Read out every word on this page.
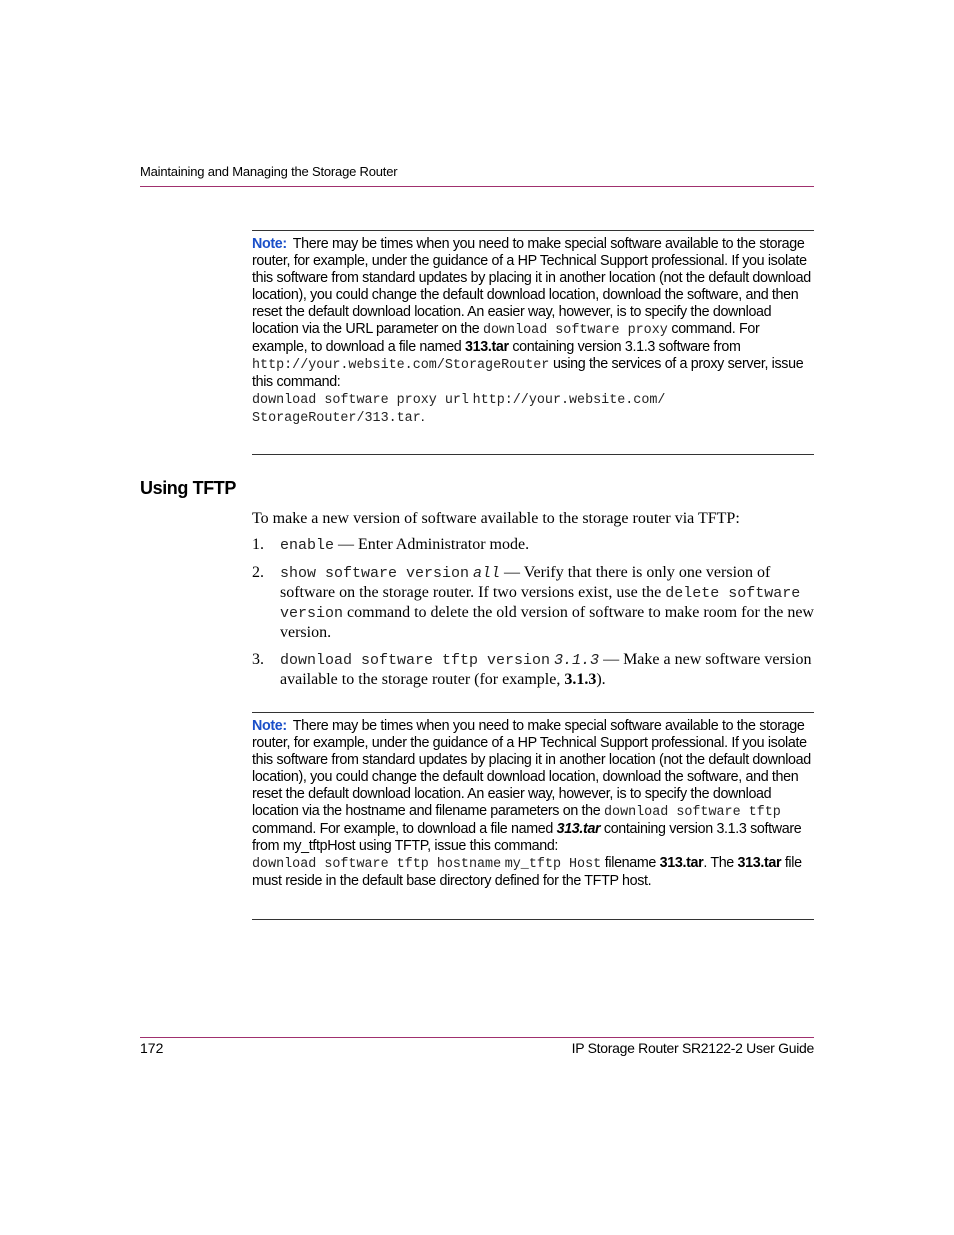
Maintaining and Managing the Storage Router
Note: There may be times when you need to make special software available to the storage router, for example, under the guidance of a HP Technical Support professional. If you isolate this software from standard updates by placing it in another location (not the default download location), you could change the default download location, download the software, and then reset the default download location. An easier way, however, is to specify the download location via the URL parameter on the download software proxy command. For example, to download a file named 313.tar containing version 3.1.3 software from http://your.website.com/StorageRouter using the services of a proxy server, issue this command:
download software proxy url http://your.website.com/ StorageRouter/313.tar.
Using TFTP
To make a new version of software available to the storage router via TFTP:
1. enable — Enter Administrator mode.
2. show software version all — Verify that there is only one version of software on the storage router. If two versions exist, use the delete software version command to delete the old version of software to make room for the new version.
3. download software tftp version 3.1.3 — Make a new software version available to the storage router (for example, 3.1.3).
Note: There may be times when you need to make special software available to the storage router, for example, under the guidance of a HP Technical Support professional. If you isolate this software from standard updates by placing it in another location (not the default download location), you could change the default download location, download the software, and then reset the default download location. An easier way, however, is to specify the download location via the hostname and filename parameters on the download software tftp command. For example, to download a file named 313.tar containing version 3.1.3 software from my_tftpHost using TFTP, issue this command:
download software tftp hostname my_tftp Host filename 313.tar. The 313.tar file must reside in the default base directory defined for the TFTP host.
172	IP Storage Router SR2122-2 User Guide
